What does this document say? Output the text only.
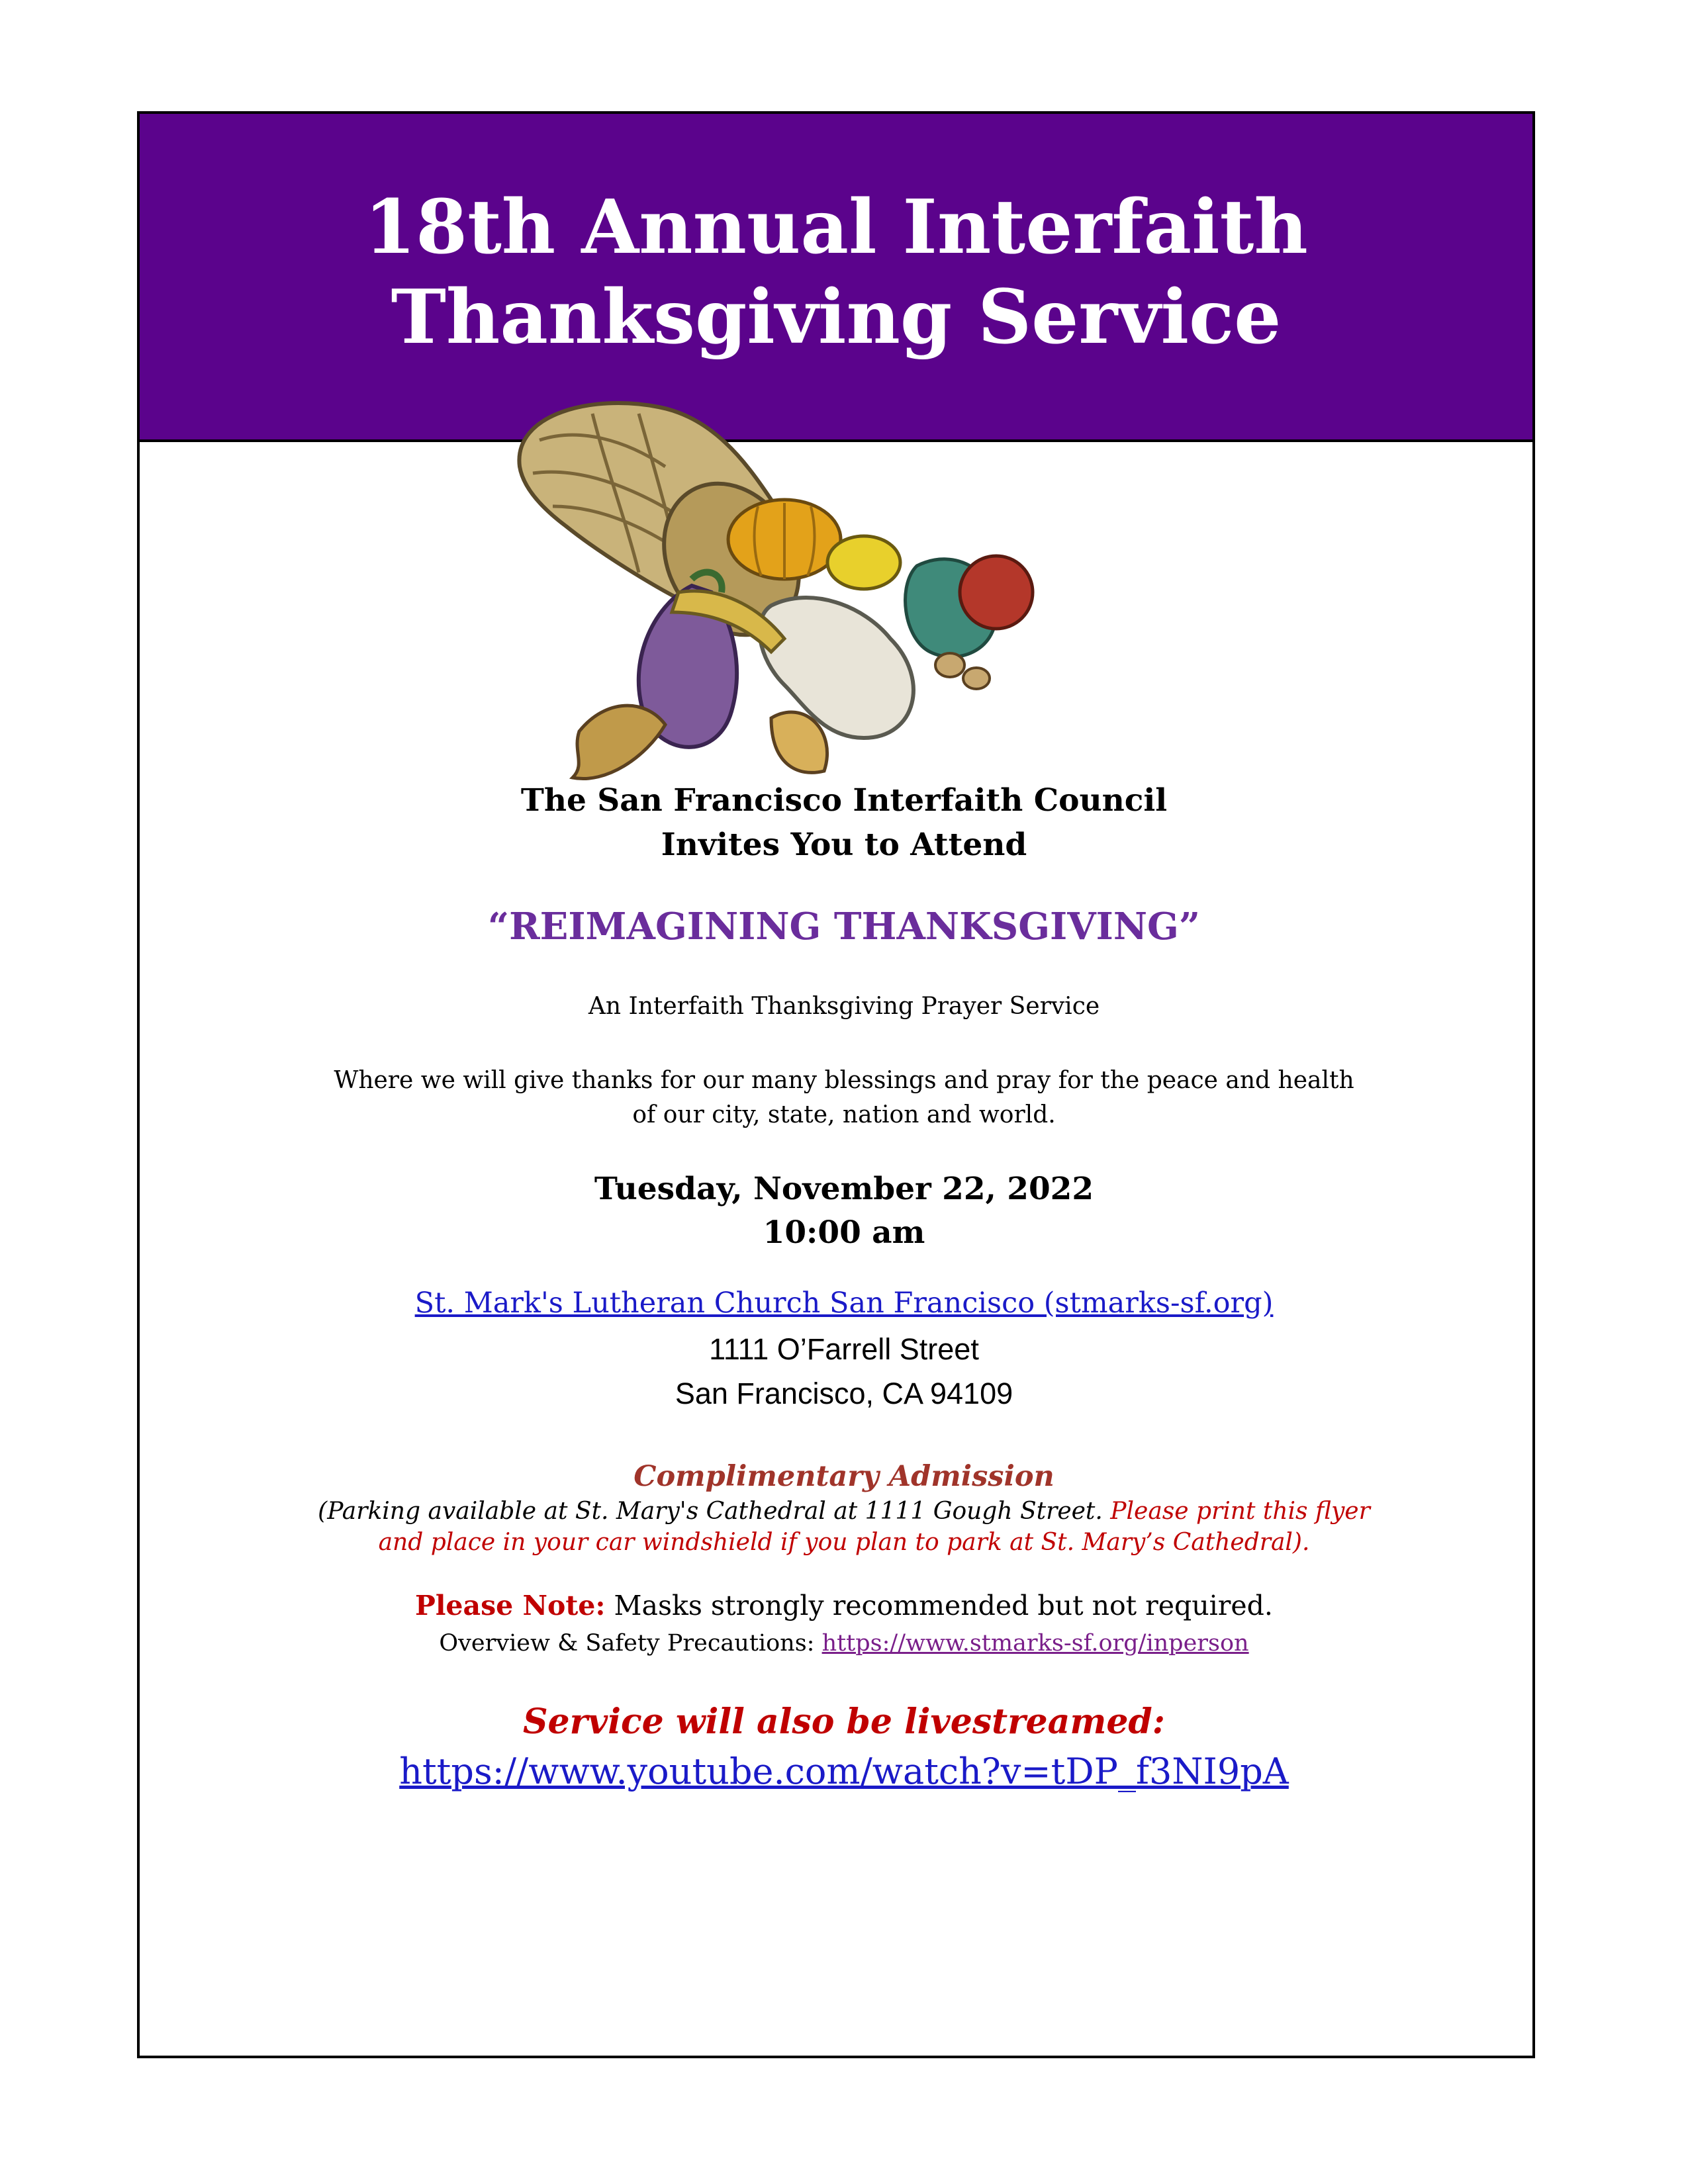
18th Annual Interfaith
Thanksgiving Service

The San Francisco Interfaith Council

Invites You to Attend

“REIMAGINING THANKSGIVING”

An Interfaith Thanksgiving Prayer Service

Where we will give thanks for our many blessings and pray for the peace and health

of our city, state, nation and world.

Tuesday, November 22, 2022

10:00 am

St. Mark's Lutheran Church San Francisco (stmarks-sf.org)

1111 O’Farrell Street

San Francisco, CA 94109

Complimentary Admission

(Parking available at St. Mary's Cathedral at 1111 Gough Street. Please print this flyer

and place in your car windshield if you plan to park at St. Mary’s Cathedral).

Please Note: Masks strongly recommended but not required.

Overview & Safety Precautions: https://www.stmarks-sf.org/inperson

Service will also be livestreamed:

https://www.youtube.com/watch?v=tDP_f3NI9pA
